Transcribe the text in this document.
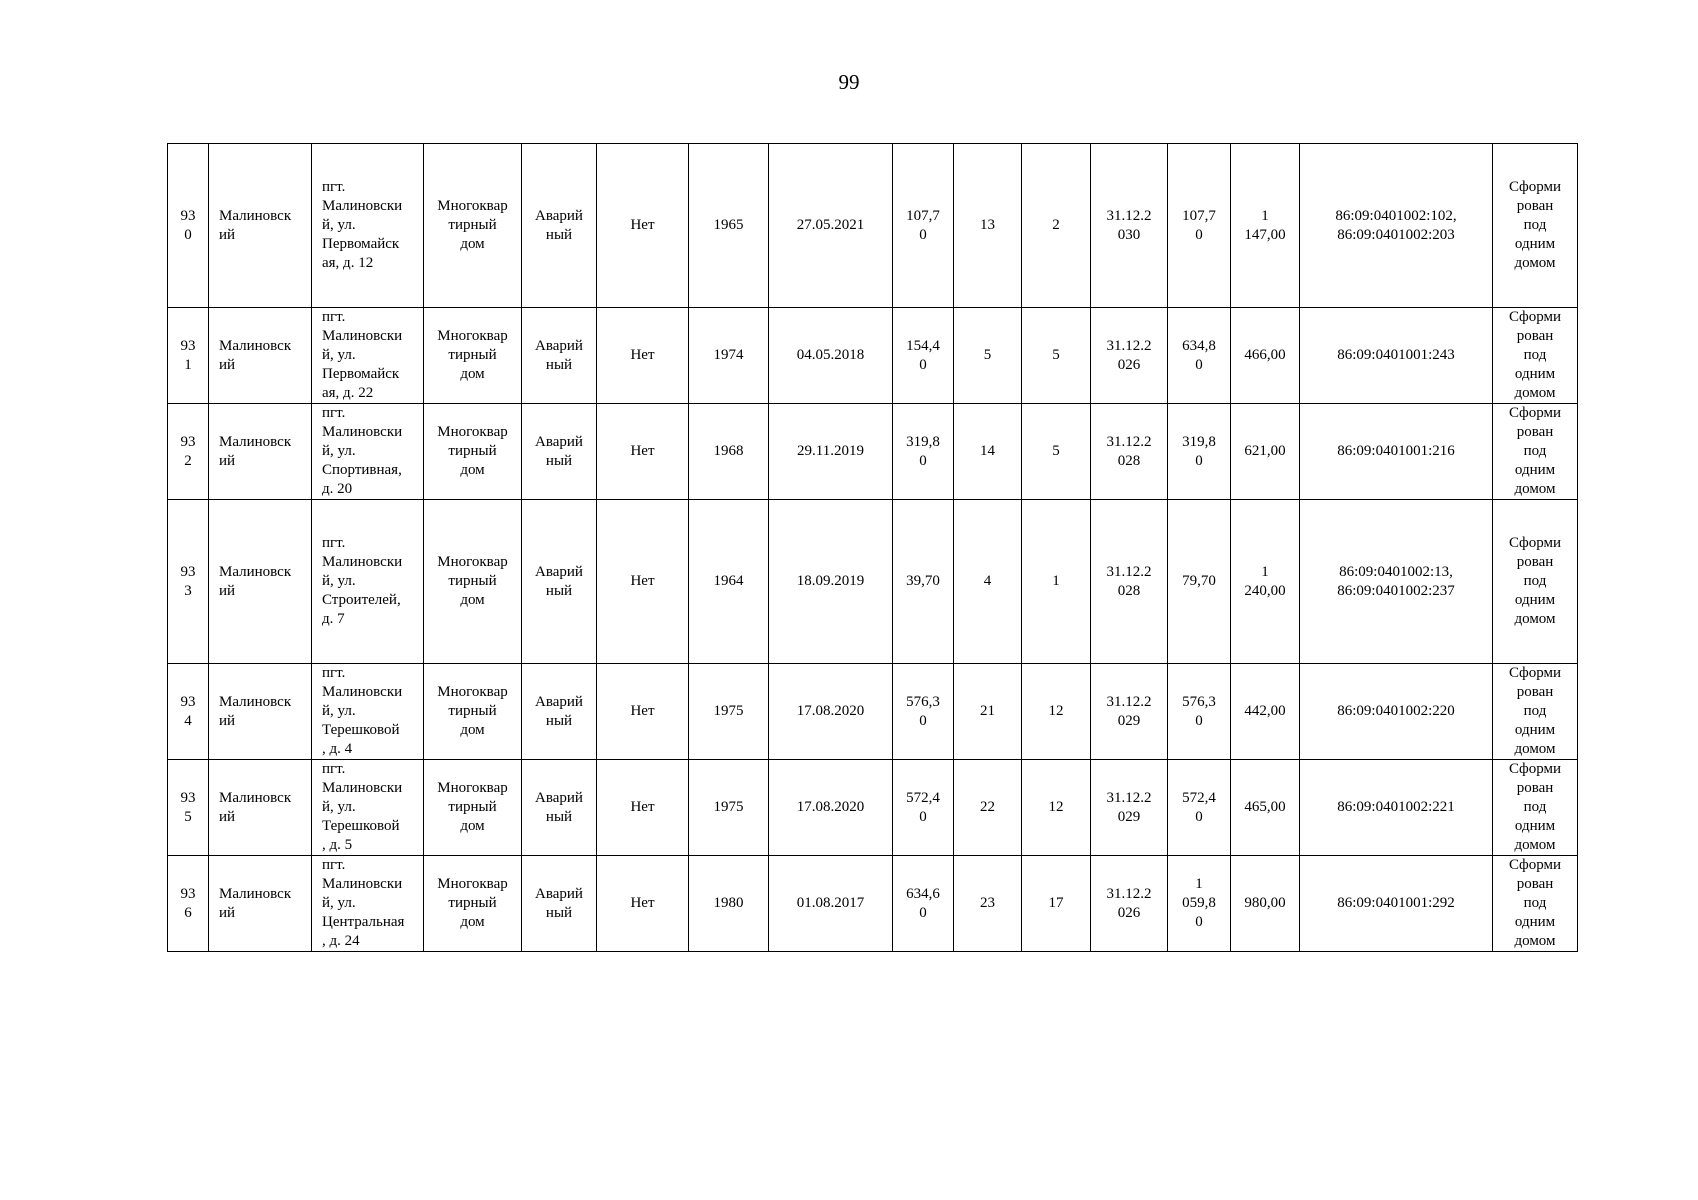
99
93
0	Малиновск
ий	пгт.
Малиновски
й, ул.
Первомайск
ая, д. 12	Многоквар
тирный
дом	Аварий
ный	Нет	1965	27.05.2021	107,7
0	13	2	31.12.2
030	107,7
0	1
147,00	86:09:0401002:102,
86:09:0401002:203	Сформи
рован
под
одним
домом
93
1	Малиновск
ий	пгт.
Малиновски
й, ул.
Первомайск
ая, д. 22	Многоквар
тирный
дом	Аварий
ный	Нет	1974	04.05.2018	154,4
0	5	5	31.12.2
026	634,8
0	466,00	86:09:0401001:243	Сформи
рован
под
одним
домом
93
2	Малиновск
ий	пгт.
Малиновски
й, ул.
Спортивная,
д. 20	Многоквар
тирный
дом	Аварий
ный	Нет	1968	29.11.2019	319,8
0	14	5	31.12.2
028	319,8
0	621,00	86:09:0401001:216	Сформи
рован
под
одним
домом
93
3	Малиновск
ий	пгт.
Малиновски
й, ул.
Строителей,
д. 7	Многоквар
тирный
дом	Аварий
ный	Нет	1964	18.09.2019	39,70	4	1	31.12.2
028	79,70	1
240,00	86:09:0401002:13,
86:09:0401002:237	Сформи
рован
под
одним
домом
93
4	Малиновск
ий	пгт.
Малиновски
й, ул.
Терешковой
, д. 4	Многоквар
тирный
дом	Аварий
ный	Нет	1975	17.08.2020	576,3
0	21	12	31.12.2
029	576,3
0	442,00	86:09:0401002:220	Сформи
рован
под
одним
домом
93
5	Малиновск
ий	пгт.
Малиновски
й, ул.
Терешковой
, д. 5	Многоквар
тирный
дом	Аварий
ный	Нет	1975	17.08.2020	572,4
0	22	12	31.12.2
029	572,4
0	465,00	86:09:0401002:221	Сформи
рован
под
одним
домом
93
6	Малиновск
ий	пгт.
Малиновски
й, ул.
Центральная
, д. 24	Многоквар
тирный
дом	Аварий
ный	Нет	1980	01.08.2017	634,6
0	23	17	31.12.2
026	1
059,8
0	980,00	86:09:0401001:292	Сформи
рован
под
одним
домом
